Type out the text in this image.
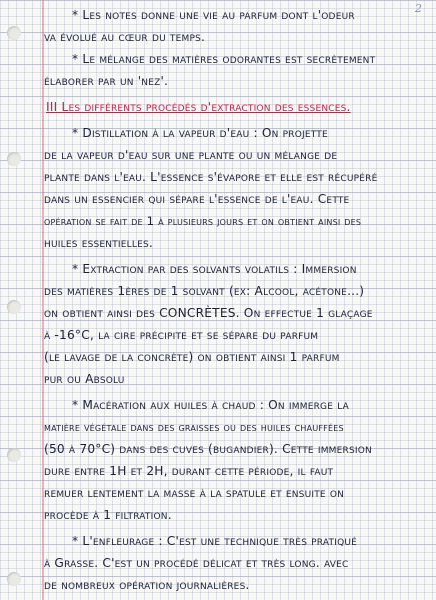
2
* Les notes donne une vie au parfum dont l'odeur
va évolué au cœur du temps.
* Le mélange des matières odorantes est secrètement
élaborer par un 'nez'.
III Les différents procédés d'extraction des essences.
* Distillation à la vapeur d'eau : On projette
de la vapeur d'eau sur une plante ou un mélange de
plante dans l'eau. L'essence s'évapore et elle est récupéré
dans un essencier qui sépare l'essence de l'eau. Cette
opération se fait de 1 à plusieurs jours et on obtient ainsi des
huiles essentielles.
* Extraction par des solvants volatils : Immersion
des matières 1ères de 1 solvant (ex: Alcool, acétone...)
on obtient ainsi des CONCRÈTES. On effectue 1 glaçage
à -16°C, la cire précipite et se sépare du parfum
(le lavage de la concrète) on obtient ainsi 1 parfum
pur ou Absolu
* Macération aux huiles à chaud : On immerge la
matière végétale dans des graisses ou des huiles chauffées
(50 à 70°C) dans des cuves (bugandier). Cette immersion
dure entre 1H et 2H, durant cette période, il faut
remuer lentement la masse à la spatule et ensuite on
procède à 1 filtration.
* L'enfleurage : C'est une technique très pratiqué
à Grasse. C'est un procédé délicat et très long. avec
de nombreux opération journalières.
